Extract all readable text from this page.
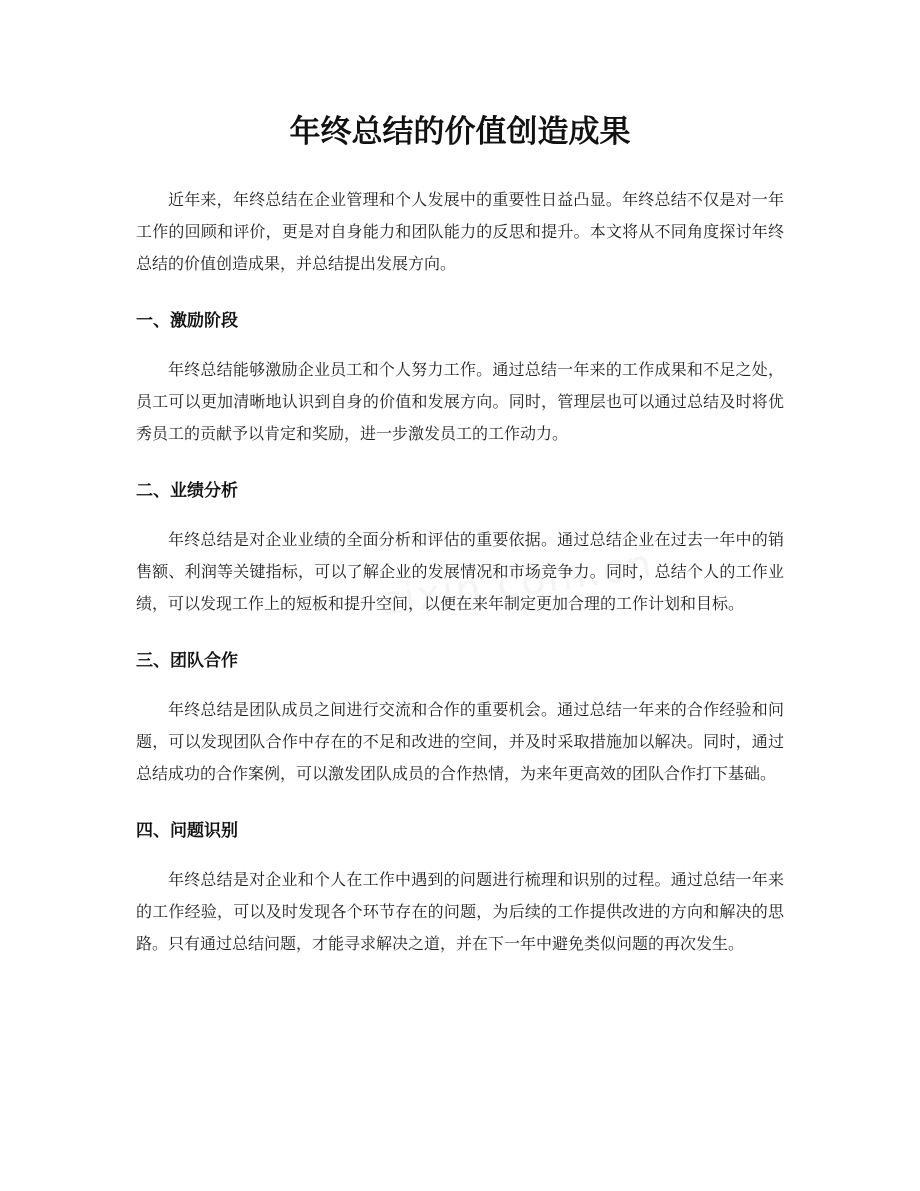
年终总结的价值创造成果

近年来，年终总结在企业管理和个人发展中的重要性日益凸显。年终总结不仅是对一年工作的回顾和评价，更是对自身能力和团队能力的反思和提升。本文将从不同角度探讨年终总结的价值创造成果，并总结提出发展方向。

一、激励阶段

年终总结能够激励企业员工和个人努力工作。通过总结一年来的工作成果和不足之处，员工可以更加清晰地认识到自身的价值和发展方向。同时，管理层也可以通过总结及时将优秀员工的贡献予以肯定和奖励，进一步激发员工的工作动力。

二、业绩分析

年终总结是对企业业绩的全面分析和评估的重要依据。通过总结企业在过去一年中的销售额、利润等关键指标，可以了解企业的发展情况和市场竞争力。同时，总结个人的工作业绩，可以发现工作上的短板和提升空间，以便在来年制定更加合理的工作计划和目标。

三、团队合作

年终总结是团队成员之间进行交流和合作的重要机会。通过总结一年来的合作经验和问题，可以发现团队合作中存在的不足和改进的空间，并及时采取措施加以解决。同时，通过总结成功的合作案例，可以激发团队成员的合作热情，为来年更高效的团队合作打下基础。

四、问题识别

年终总结是对企业和个人在工作中遇到的问题进行梳理和识别的过程。通过总结一年来的工作经验，可以及时发现各个环节存在的问题，为后续的工作提供改进的方向和解决的思路。只有通过总结问题，才能寻求解决之道，并在下一年中避免类似问题的再次发生。
